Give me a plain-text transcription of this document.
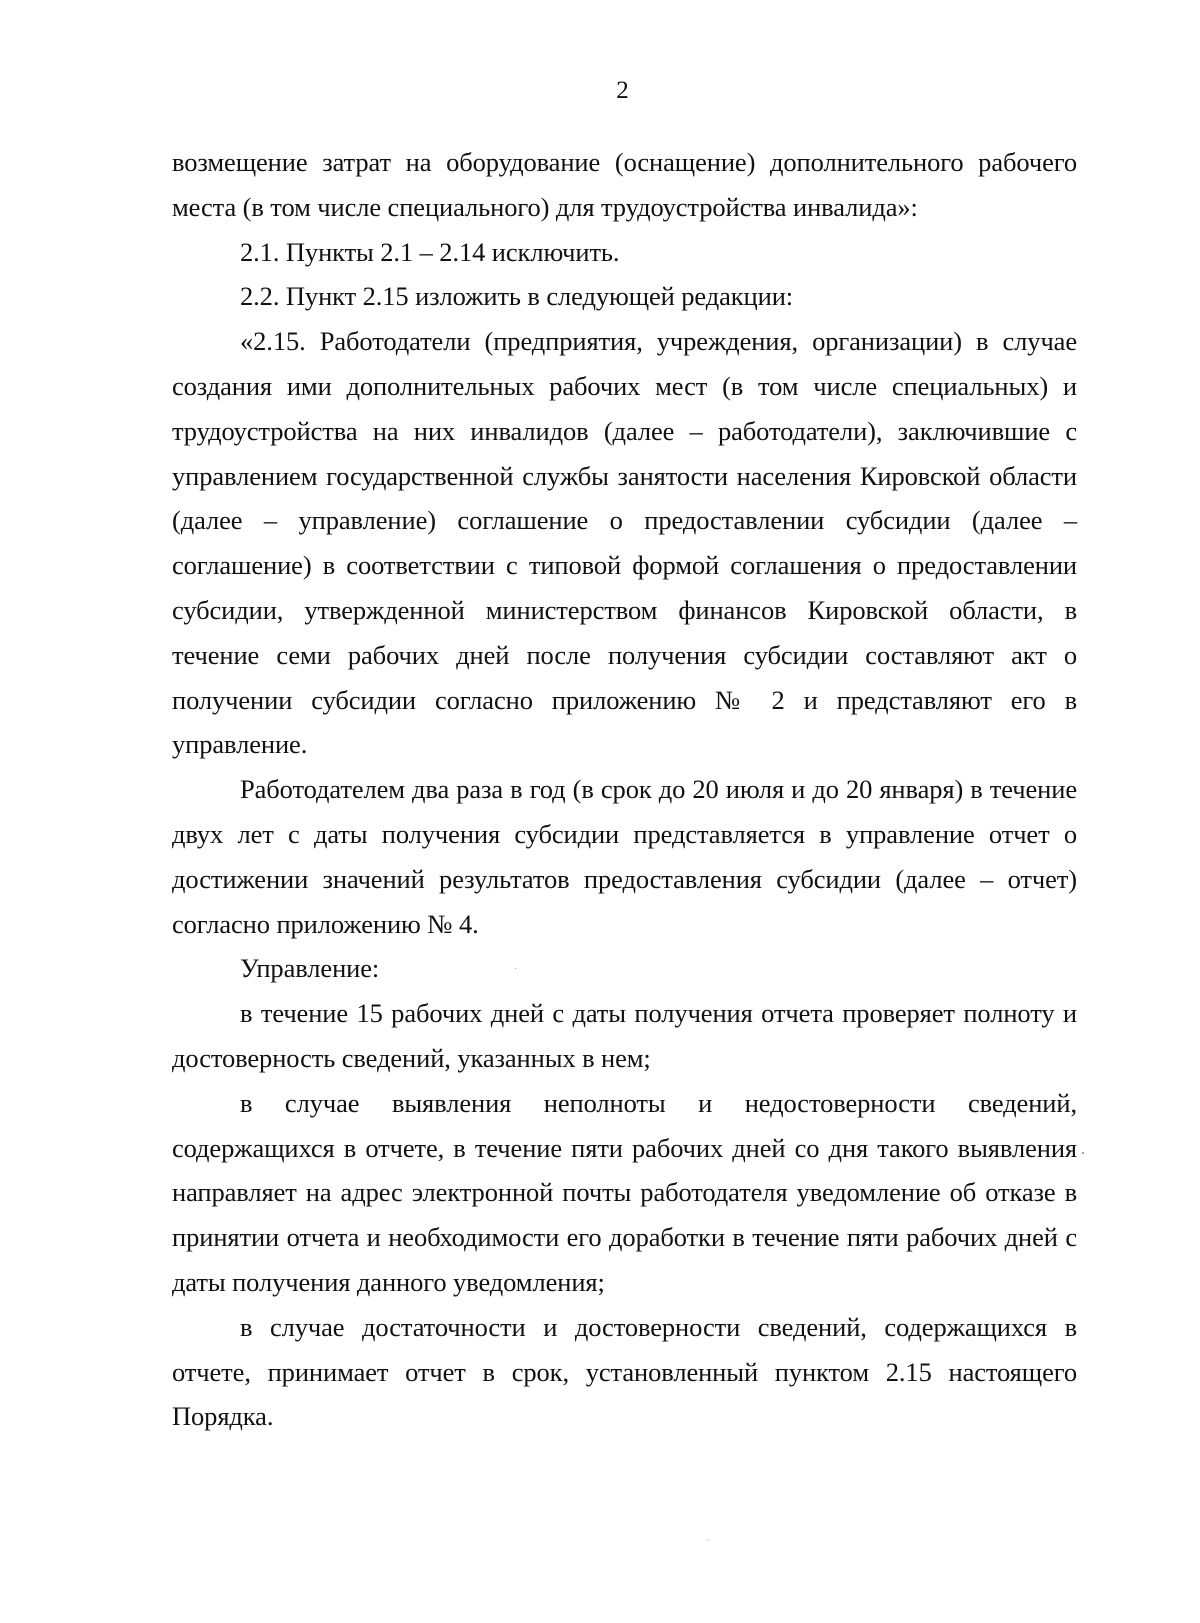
2

возмещение затрат на оборудование (оснащение) дополнительного рабочего места (в том числе специального) для трудоустройства инвалида»:

2.1. Пункты 2.1 – 2.14 исключить.

2.2. Пункт 2.15 изложить в следующей редакции:

«2.15. Работодатели (предприятия, учреждения, организации) в случае создания ими дополнительных рабочих мест (в том числе специальных) и трудоустройства на них инвалидов (далее – работодатели), заключившие с управлением государственной службы занятости населения Кировской области (далее – управление) соглашение о предоставлении субсидии (далее – соглашение) в соответствии с типовой формой соглашения о предоставлении субсидии, утвержденной министерством финансов Кировской области, в течение семи рабочих дней после получения субсидии составляют акт о получении субсидии согласно приложению № 2 и представляют его в управление.

Работодателем два раза в год (в срок до 20 июля и до 20 января) в течение двух лет с даты получения субсидии представляется в управление отчет о достижении значений результатов предоставления субсидии (далее – отчет) согласно приложению № 4.

Управление:

в течение 15 рабочих дней с даты получения отчета проверяет полноту и достоверность сведений, указанных в нем;

в случае выявления неполноты и недостоверности сведений, содержащихся в отчете, в течение пяти рабочих дней со дня такого выявления направляет на адрес электронной почты работодателя уведомление об отказе в принятии отчета и необходимости его доработки в течение пяти рабочих дней с даты получения данного уведомления;

в случае достаточности и достоверности сведений, содержащихся в отчете, принимает отчет в срок, установленный пунктом 2.15 настоящего Порядка.
